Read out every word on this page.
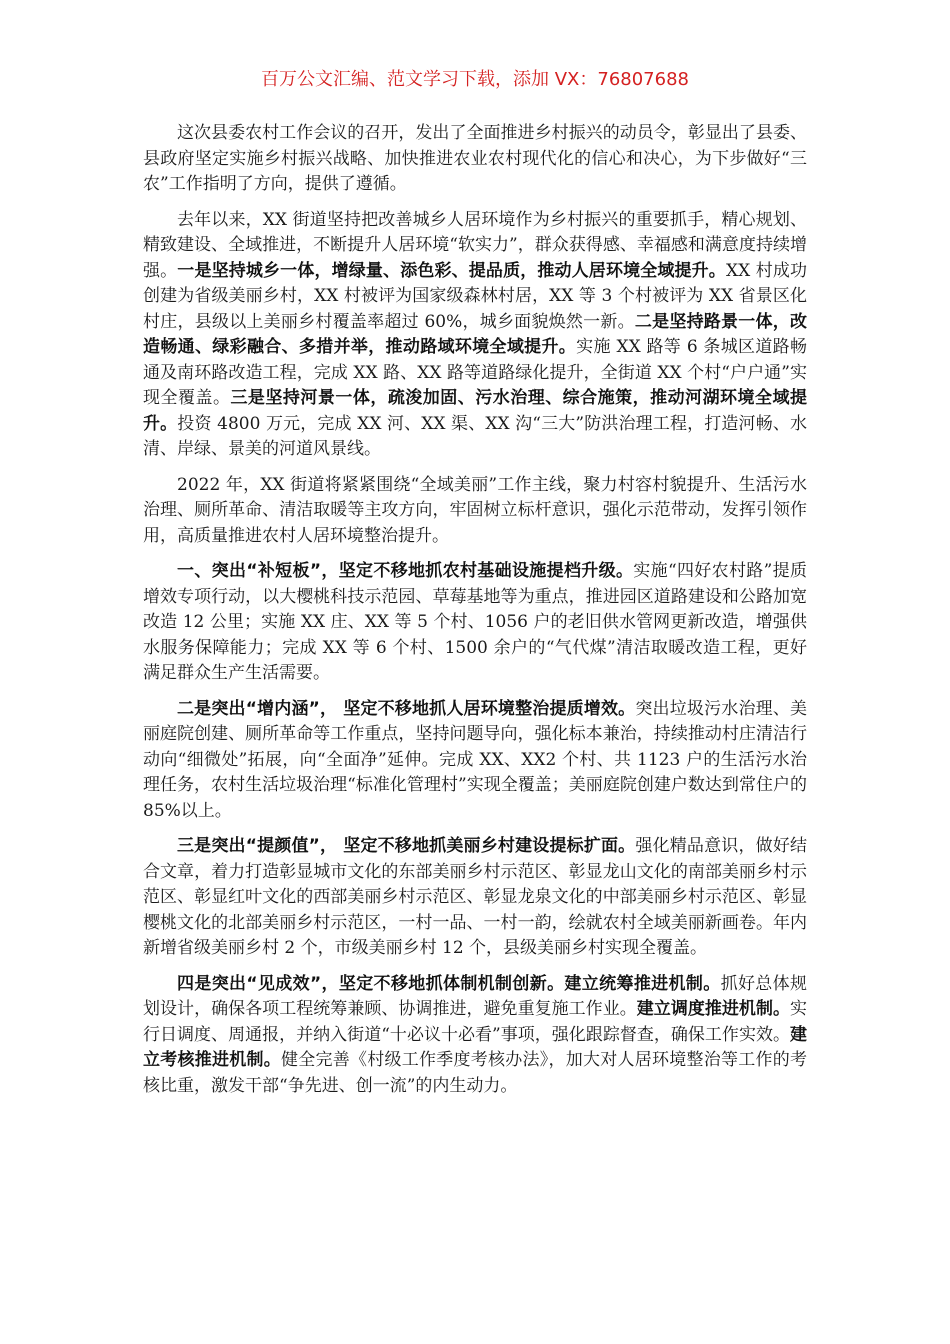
百万公文汇编、范文学习下载，添加 VX：76807688

这次县委农村工作会议的召开，发出了全面推进乡村振兴的动员令，彰显出了县委、县政府坚定实施乡村振兴战略、加快推进农业农村现代化的信心和决心，为下步做好“三农”工作指明了方向，提供了遵循。

去年以来，XX 街道坚持把改善城乡人居环境作为乡村振兴的重要抓手，精心规划、精致建设、全域推进，不断提升人居环境“软实力”，群众获得感、幸福感和满意度持续增强。一是坚持城乡一体，增绿量、添色彩、提品质，推动人居环境全域提升。XX 村成功创建为省级美丽乡村，XX 村被评为国家级森林村居，XX 等 3 个村被评为 XX 省景区化村庄，县级以上美丽乡村覆盖率超过 60%，城乡面貌焕然一新。二是坚持路景一体，改造畅通、绿彩融合、多措并举，推动路域环境全域提升。实施 XX 路等 6 条城区道路畅通及南环路改造工程，完成 XX 路、XX 路等道路绿化提升，全街道 XX 个村“户户通”实现全覆盖。三是坚持河景一体，疏浚加固、污水治理、综合施策，推动河湖环境全域提升。投资 4800 万元，完成 XX 河、XX 渠、XX 沟“三大”防洪治理工程，打造河畅、水清、岸绿、景美的河道风景线。

2022 年，XX 街道将紧紧围绕“全域美丽”工作主线，聚力村容村貌提升、生活污水治理、厕所革命、清洁取暖等主攻方向，牢固树立标杆意识，强化示范带动，发挥引领作用，高质量推进农村人居环境整治提升。

一、突出“补短板”，坚定不移地抓农村基础设施提档升级。实施“四好农村路”提质增效专项行动，以大樱桃科技示范园、草莓基地等为重点，推进园区道路建设和公路加宽改造 12 公里；实施 XX 庄、XX 等 5 个村、1056 户的老旧供水管网更新改造，增强供水服务保障能力；完成 XX 等 6 个村、1500 余户的“气代煤”清洁取暖改造工程，更好满足群众生产生活需要。

二是突出“增内涵”， 坚定不移地抓人居环境整治提质增效。突出垃圾污水治理、美丽庭院创建、厕所革命等工作重点，坚持问题导向，强化标本兼治，持续推动村庄清洁行动向“细微处”拓展，向“全面净”延伸。完成 XX、XX2 个村、共 1123 户的生活污水治理任务，农村生活垃圾治理“标准化管理村”实现全覆盖；美丽庭院创建户数达到常住户的 85%以上。

三是突出“提颜值”， 坚定不移地抓美丽乡村建设提标扩面。强化精品意识，做好结合文章，着力打造彰显城市文化的东部美丽乡村示范区、彰显龙山文化的南部美丽乡村示范区、彰显红叶文化的西部美丽乡村示范区、彰显龙泉文化的中部美丽乡村示范区、彰显樱桃文化的北部美丽乡村示范区，一村一品、一村一韵，绘就农村全域美丽新画卷。年内新增省级美丽乡村 2 个，市级美丽乡村 12 个，县级美丽乡村实现全覆盖。

四是突出“见成效”，坚定不移地抓体制机制创新。建立统筹推进机制。抓好总体规划设计，确保各项工程统筹兼顾、协调推进，避免重复施工作业。建立调度推进机制。实行日调度、周通报，并纳入街道“十必议十必看”事项，强化跟踪督查，确保工作实效。建立考核推进机制。健全完善《村级工作季度考核办法》，加大对人居环境整治等工作的考核比重，激发干部“争先进、创一流”的内生动力。
